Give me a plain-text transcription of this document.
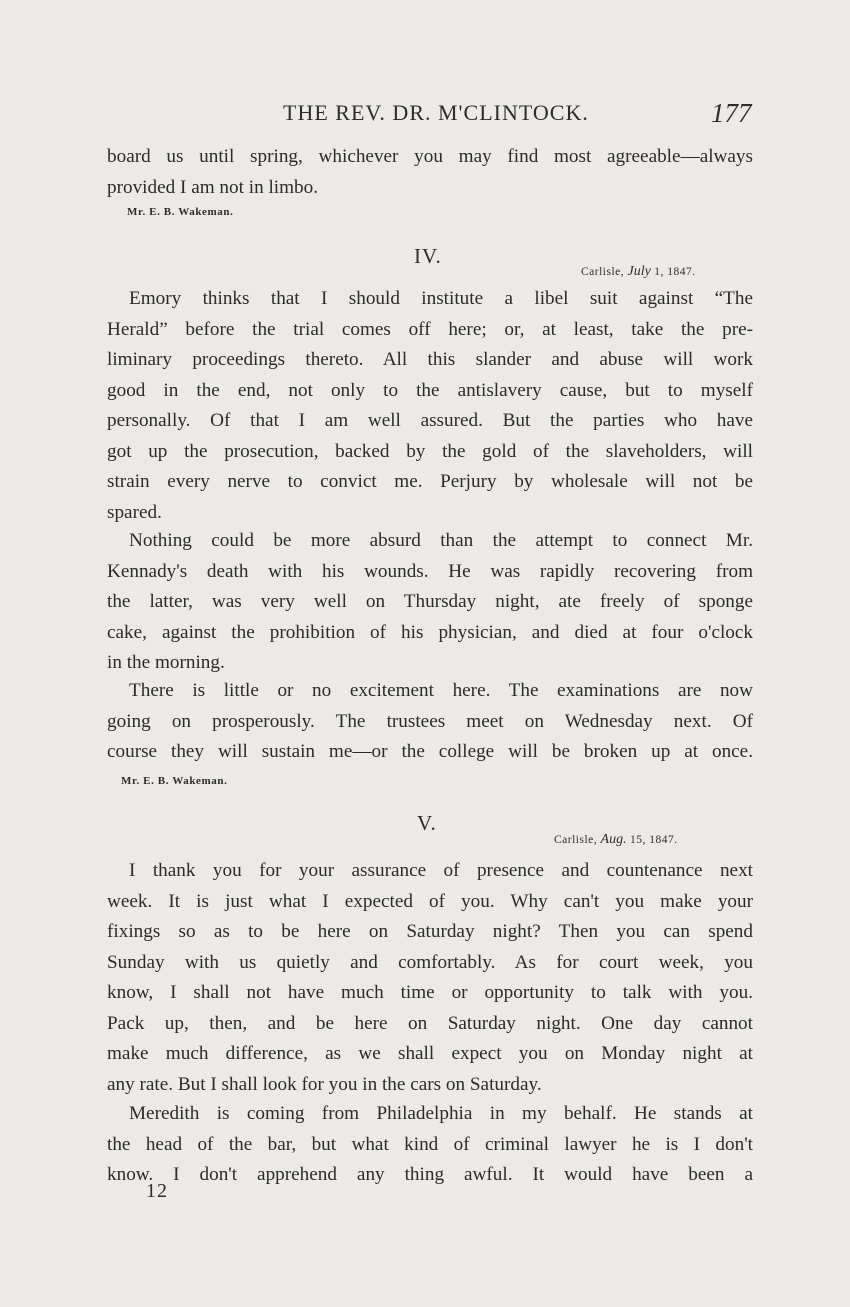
THE REV. DR. M'CLINTOCK.	177
board us until spring, whichever you may find most agreeable—always
provided I am not in limbo.
Mr. E. B. Wakeman.
IV.
Carlisle, July 1, 1847.
Emory thinks that I should institute a libel suit against “The
Herald” before the trial comes off here; or, at least, take the pre-
liminary proceedings thereto. All this slander and abuse will work
good in the end, not only to the antislavery cause, but to myself
personally. Of that I am well assured. But the parties who have
got up the prosecution, backed by the gold of the slaveholders, will
strain every nerve to convict me. Perjury by wholesale will not be
spared.
Nothing could be more absurd than the attempt to connect Mr.
Kennady's death with his wounds. He was rapidly recovering from
the latter, was very well on Thursday night, ate freely of sponge
cake, against the prohibition of his physician, and died at four o'clock
in the morning.
There is little or no excitement here. The examinations are now
going on prosperously. The trustees meet on Wednesday next. Of
course they will sustain me—or the college will be broken up at once.
Mr. E. B. Wakeman.
V.
Carlisle, Aug. 15, 1847.
I thank you for your assurance of presence and countenance next
week. It is just what I expected of you. Why can't you make your
fixings so as to be here on Saturday night? Then you can spend
Sunday with us quietly and comfortably. As for court week, you
know, I shall not have much time or opportunity to talk with you.
Pack up, then, and be here on Saturday night. One day cannot
make much difference, as we shall expect you on Monday night at
any rate. But I shall look for you in the cars on Saturday.
Meredith is coming from Philadelphia in my behalf. He stands at
the head of the bar, but what kind of criminal lawyer he is I don't
know. I don't apprehend any thing awful. It would have been a
12
